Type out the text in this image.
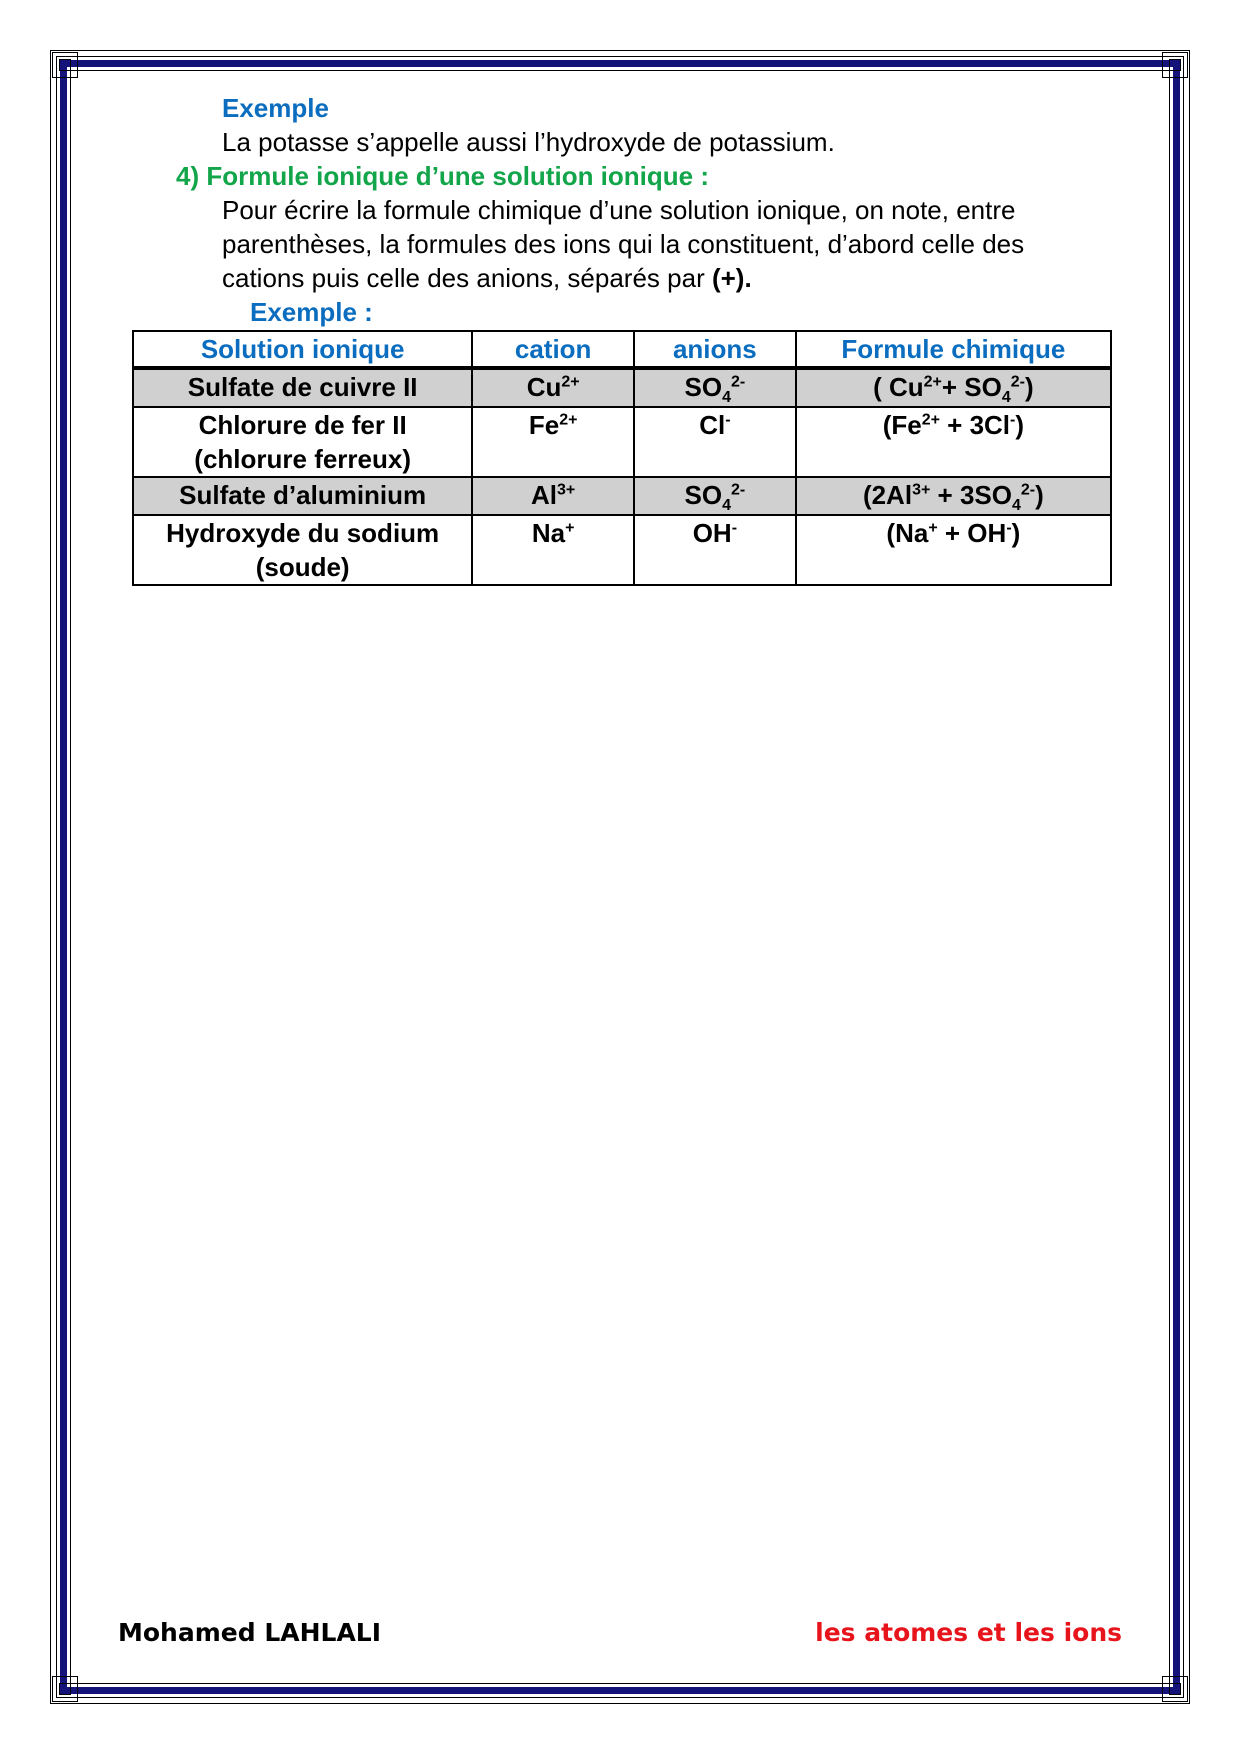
Exemple
La potasse s’appelle aussi l’hydroxyde de potassium.
4) Formule ionique d’une solution ionique :
Pour écrire la formule chimique d’une solution ionique, on note, entre
parenthèses, la formules des ions qui la constituent, d’abord celle des
cations puis celle des anions, séparés par (+).
Exemple :
Solution ionique	cation	anions	Formule chimique
Sulfate de cuivre II	$Cu^{2+}$	$SO_4^{2-}$	( $Cu^{2+}+ SO_4^{2-}$)
Chlorure de fer II
(chlorure ferreux)	$Fe^{2+}$	Cl-	$(Fe^{2+} + 3Cl^-)$
Sulfate d’aluminium	$Al^{3+}$	$SO_4^{2-}$	$(2Al^{3+} + 3SO_4^{2-})$
Hydroxyde du sodium
(soude)	Na+	OH-	(Na+ + OH-)
Mohamed LAHLALI	les atomes et les ions
